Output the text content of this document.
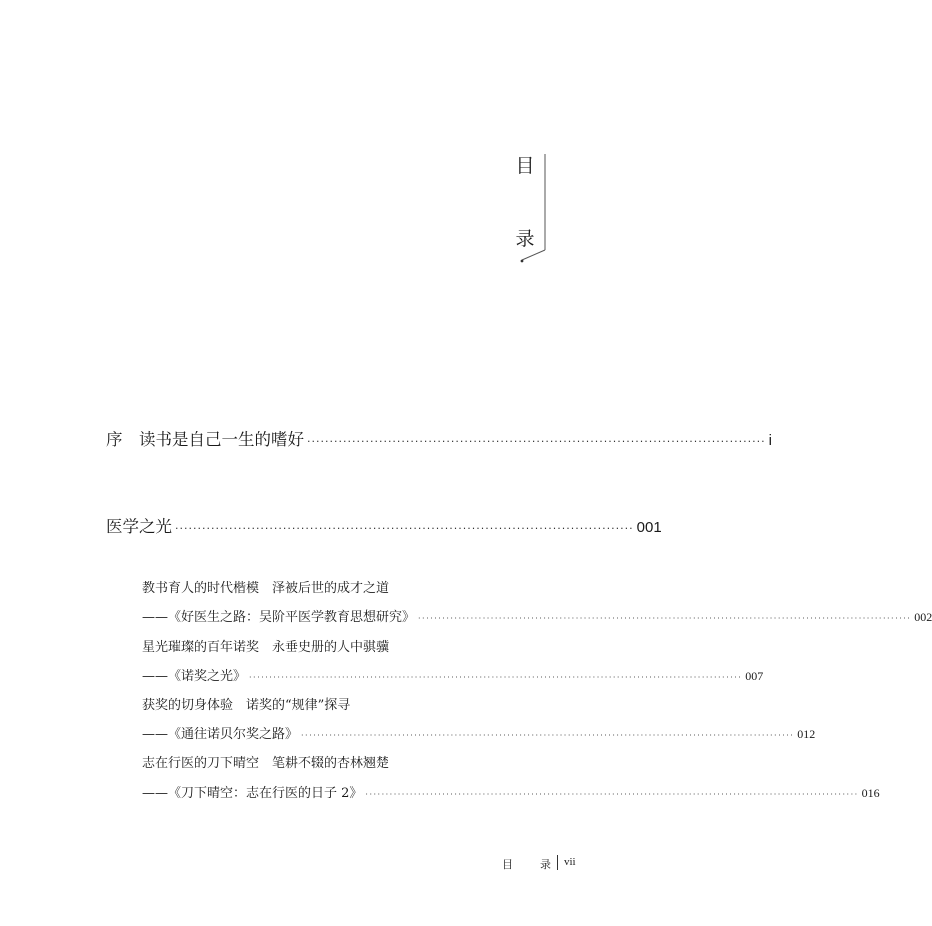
目
录
序　读书是自己一生的嗜好 ······································································································ i
医学之光 ······································································································ 001
教书育人的时代楷模　泽被后世的成才之道
——《好医生之路：吴阶平医学教育思想研究》 ·························································································································· 002
星光璀璨的百年诺奖　永垂史册的人中骐骥
——《诺奖之光》 ·························································································································· 007
获奖的切身体验　诺奖的“规律”探寻
——《通往诺贝尔奖之路》 ·························································································································· 012
志在行医的刀下晴空　笔耕不辍的杏林翘楚
——《刀下晴空：志在行医的日子 2》 ·························································································································· 016
目 录 vii
